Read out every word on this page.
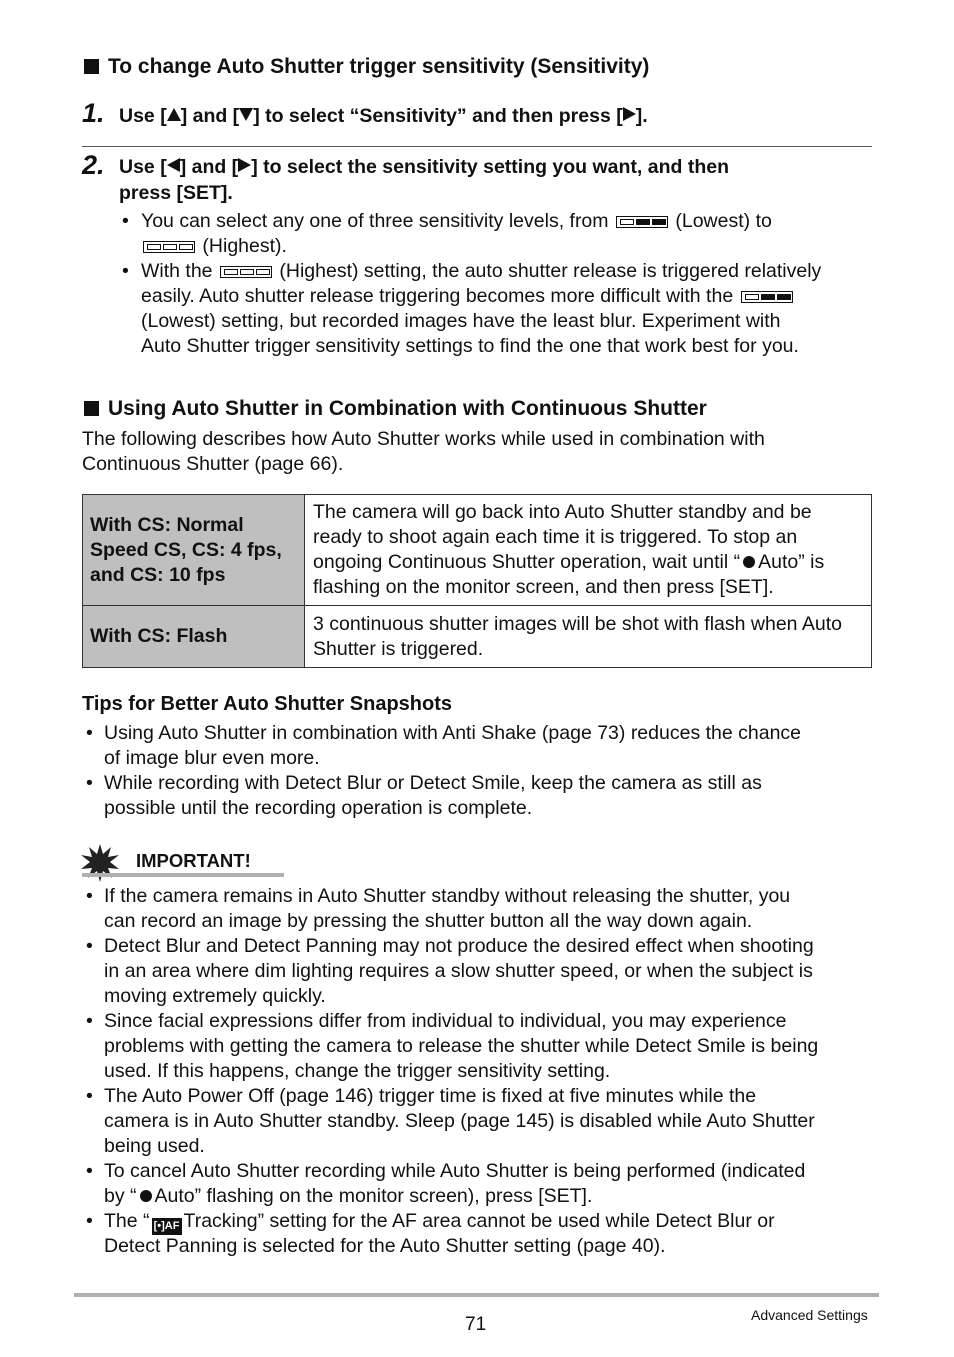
To change Auto Shutter trigger sensitivity (Sensitivity)
1. Use [ ] and [ ] to select “Sensitivity” and then press [ ].
2. Use [ ] and [ ] to select the sensitivity setting you want, and then
press [SET].
• You can select any one of three sensitivity levels, from	(Lowest) to
(Highest).
• With the	(Highest) setting, the auto shutter release is triggered relatively
easily. Auto shutter release triggering becomes more difficult with the
(Lowest) setting, but recorded images have the least blur. Experiment with
Auto Shutter trigger sensitivity settings to find the one that work best for you.
Using Auto Shutter in Combination with Continuous Shutter
The following describes how Auto Shutter works while used in combination with
Continuous Shutter (page 66).
With CS: Normal Speed CS, CS: 4 fps, and CS: 10 fps	The camera will go back into Auto Shutter standby and be ready to shoot again each time it is triggered. To stop an ongoing Continuous Shutter operation, wait until “ Auto” is flashing on the monitor screen, and then press [SET].
With CS: Flash	3 continuous shutter images will be shot with flash when Auto Shutter is triggered.
Tips for Better Auto Shutter Snapshots
• Using Auto Shutter in combination with Anti Shake (page 73) reduces the chance
of image blur even more.
• While recording with Detect Blur or Detect Smile, keep the camera as still as
possible until the recording operation is complete.
IMPORTANT!
• If the camera remains in Auto Shutter standby without releasing the shutter, you
can record an image by pressing the shutter button all the way down again.
• Detect Blur and Detect Panning may not produce the desired effect when shooting
in an area where dim lighting requires a slow shutter speed, or when the subject is
moving extremely quickly.
• Since facial expressions differ from individual to individual, you may experience
problems with getting the camera to release the shutter while Detect Smile is being
used. If this happens, change the trigger sensitivity setting.
• The Auto Power Off (page 146) trigger time is fixed at five minutes while the
camera is in Auto Shutter standby. Sleep (page 145) is disabled while Auto Shutter
being used.
• To cancel Auto Shutter recording while Auto Shutter is being performed (indicated
by “ Auto” flashing on the monitor screen), press [SET].
• The “ [•]AF Tracking” setting for the AF area cannot be used while Detect Blur or
Detect Panning is selected for the Auto Shutter setting (page 40).
71	Advanced Settings
